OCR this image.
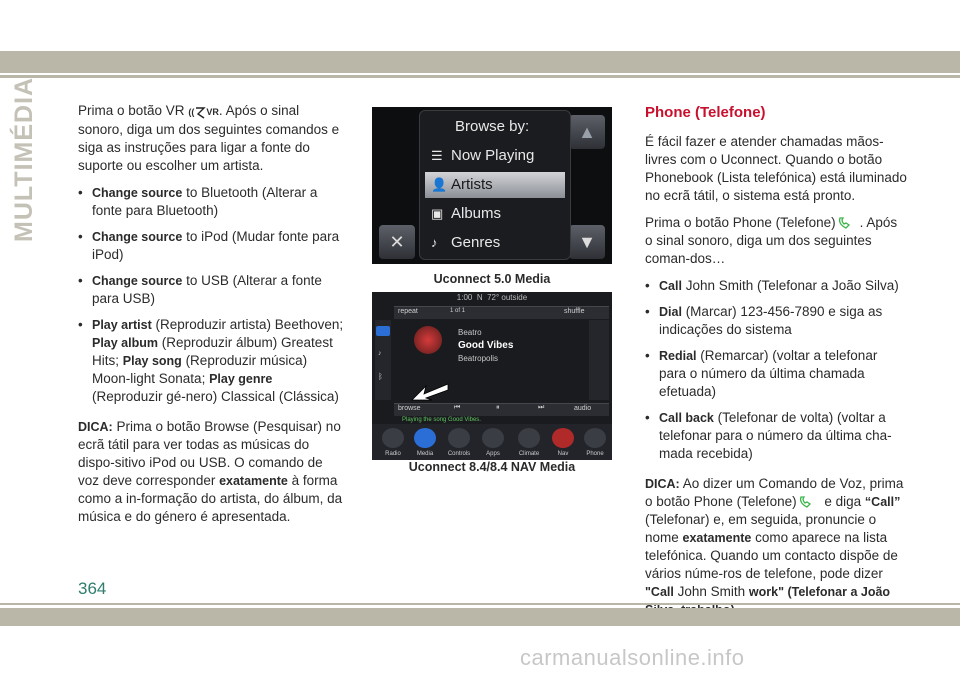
MULTIMÉDIA	Prima o botão VR (( VR. Após o sinal sonoro, diga um dos seguintes comandos e siga as instruções para ligar a fonte do suporte ou escolher um artista.

• Change source to Bluetooth (Alterar a fonte para Bluetooth)
• Change source to iPod (Mudar fonte para iPod)
• Change source to USB (Alterar a fonte para USB)
• Play artist (Reproduzir artista) Beethoven; Play album (Reproduzir álbum) Greatest Hits; Play song (Reproduzir música) Moon-light Sonata; Play genre (Reproduzir gé-nero) Classical (Clássica)

DICA: Prima o botão Browse (Pesquisar) no ecrã tátil para ver todas as músicas do dispo-sitivo iPod ou USB. O comando de voz deve corresponder exatamente à forma como a in-formação do artista, do álbum, da música e do género é apresentada.

▲
✕	▼
Browse by:
☰ Now Playing
👤 Artists
▣ Albums
♪ Genres
Uconnect 5.0 Media
1:00 N 72° outside
repeat	1 of 1	shuffle
♪
ᛒ
Beatro
Good Vibes
Beatropolis
browse	⏮	⏸	⏭	audio
Playing the song Good Vibes.
Radio	Media	Controls	Apps	Climate	Nav	Phone
Uconnect 8.4/8.4 NAV Media
Phone (Telefone)

É fácil fazer e atender chamadas mãos-livres com o Uconnect. Quando o botão Phonebook (Lista telefónica) está iluminado no ecrã tátil, o sistema está pronto.

Prima o botão Phone (Telefone) . Após o sinal sonoro, diga um dos seguintes coman-dos…

• Call John Smith (Telefonar a João Silva)
• Dial (Marcar) 123-456-7890 e siga as indicações do sistema
• Redial (Remarcar) (voltar a telefonar para o número da última chamada efetuada)
• Call back (Telefonar de volta) (voltar a telefonar para o número da última cha-mada recebida)

DICA: Ao dizer um Comando de Voz, prima o botão Phone (Telefone) e diga “Call” (Telefonar) e, em seguida, pronuncie o nome exatamente como aparece na lista telefónica. Quando um contacto dispõe de vários núme-ros de telefone, pode dizer "Call John Smith work" (Telefonar a João

364
carmanualsonline.info
